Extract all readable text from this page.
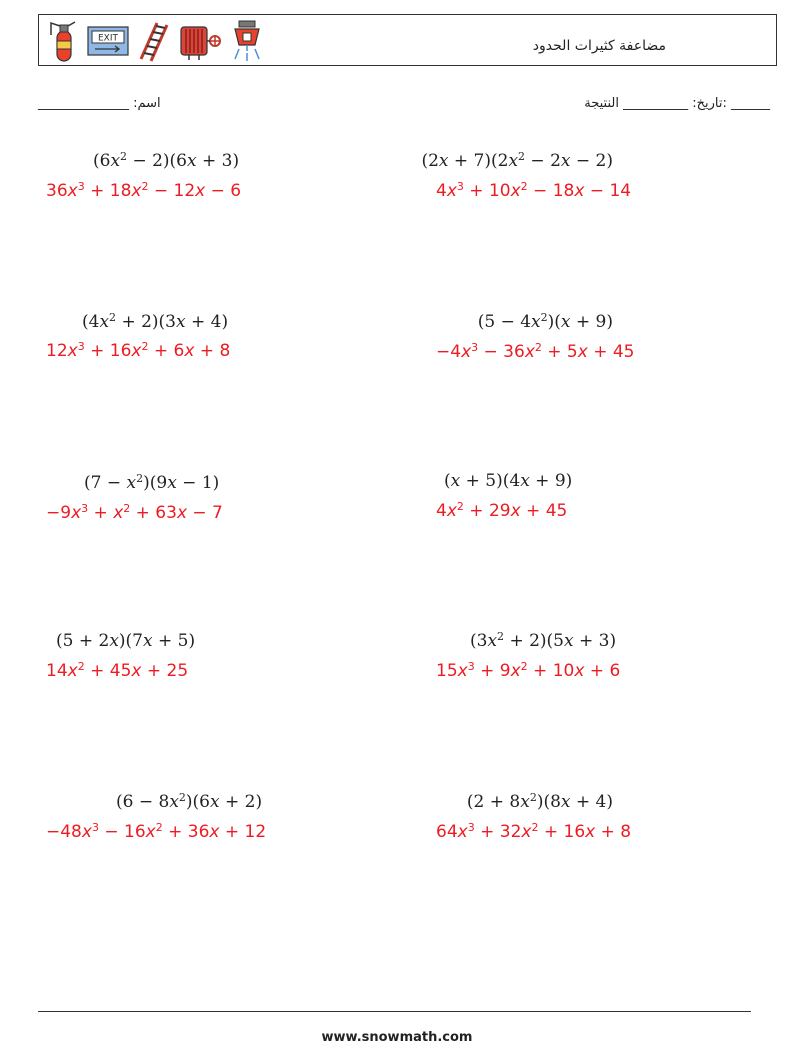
EXIT	مضاعفة كثيرات الحدود
اسم: ______________	______ :تاريخ: __________ النتيجة
$(6x^2 - 2)(6x + 3)$
$36x^3 + 18x^2 - 12x - 6$
$(2x + 7)(2x^2 - 2x - 2)$
$4x^3 + 10x^2 - 18x - 14$
$(4x^2 + 2)(3x + 4)$
$12x^3 + 16x^2 + 6x + 8$
$(5 - 4x^2)(x + 9)$
$-4x^3 - 36x^2 + 5x + 45$
$(7 - x^2)(9x - 1)$
$-9x^3 + x^2 + 63x - 7$
(x + 5)(4x + 9)
$4x^2 + 29x + 45$
(5 + 2x)(7x + 5)
$14x^2 + 45x + 25$
$(3x^2 + 2)(5x + 3)$
$15x^3 + 9x^2 + 10x + 6$
$(6 - 8x^2)(6x + 2)$
$-48x^3 - 16x^2 + 36x + 12$
$(2 + 8x^2)(8x + 4)$
$64x^3 + 32x^2 + 16x + 8$
www.snowmath.com
